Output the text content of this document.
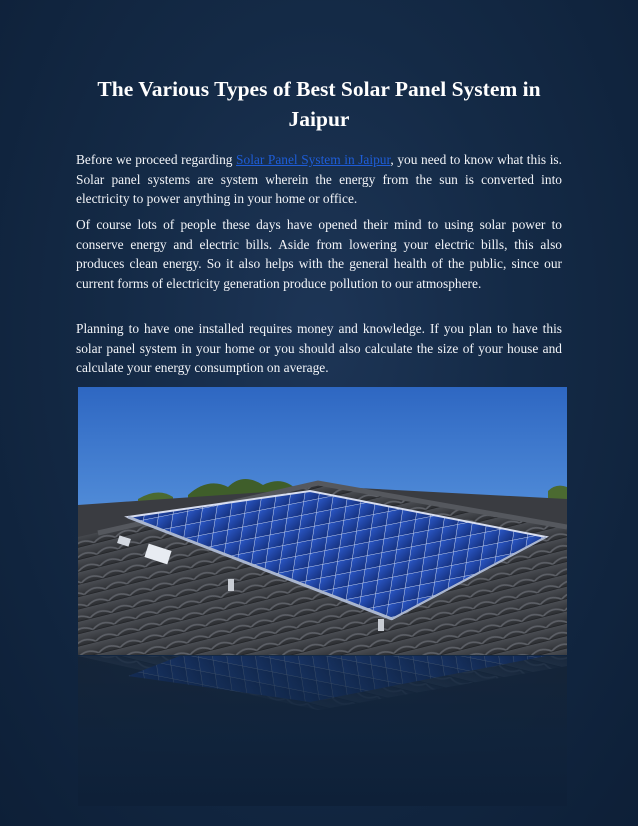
The Various Types of Best Solar Panel System in Jaipur

Before we proceed regarding Solar Panel System in Jaipur, you need to know what this is. Solar panel systems are system wherein the energy from the sun is converted into electricity to power anything in your home or office.

Of course lots of people these days have opened their mind to using solar power to conserve energy and electric bills. Aside from lowering your electric bills, this also produces clean energy. So it also helps with the general health of the public, since our current forms of electricity generation produce pollution to our atmosphere.

Planning to have one installed requires money and knowledge. If you plan to have this solar panel system in your home or you should also calculate the size of your house and calculate your energy consumption on average.
